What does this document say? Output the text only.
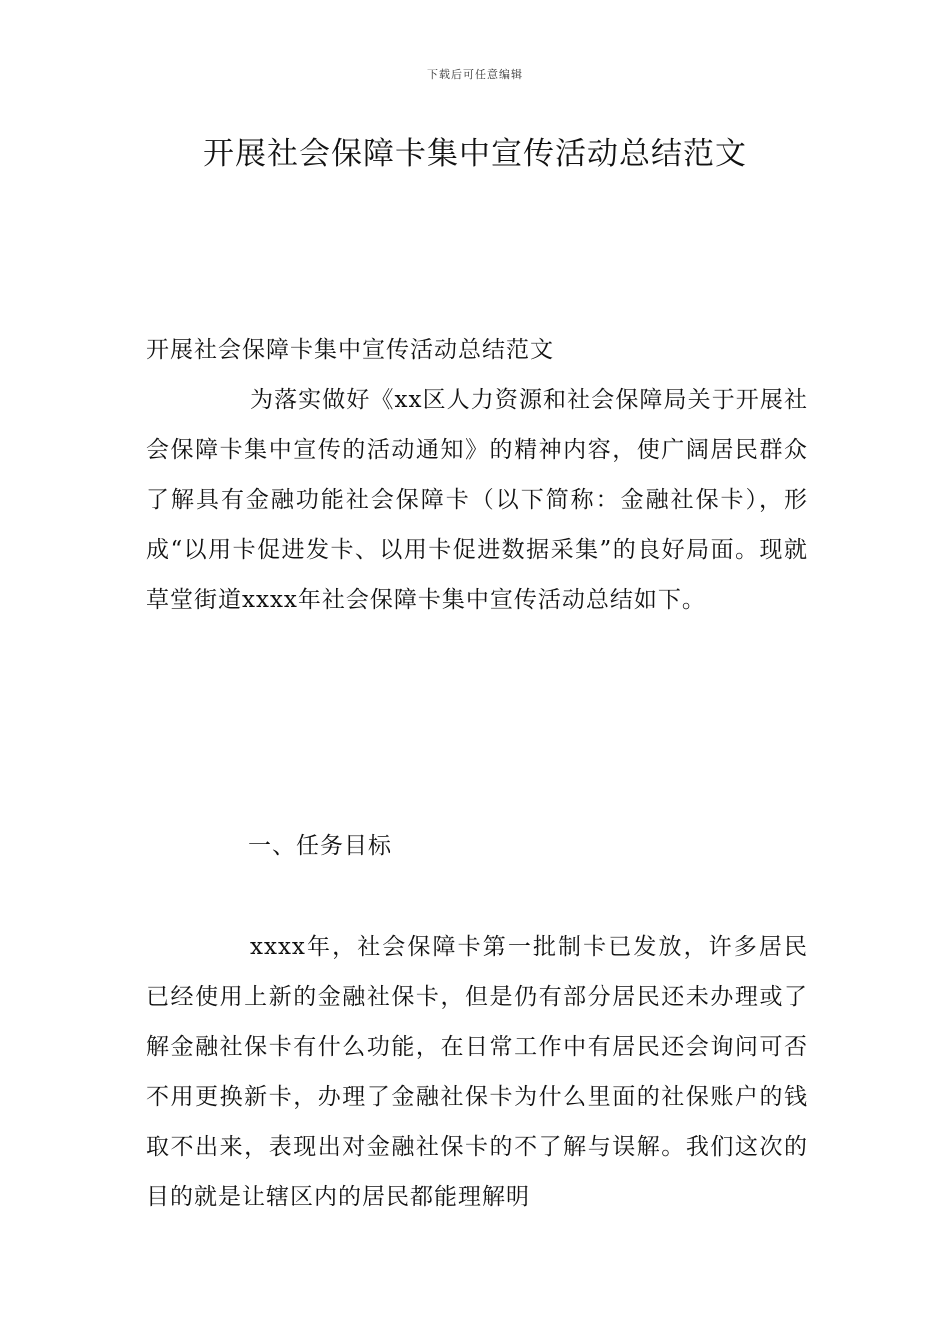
下载后可任意编辑
开展社会保障卡集中宣传活动总结范文
开展社会保障卡集中宣传活动总结范文
为落实做好《xx区人力资源和社会保障局关于开展社会保障卡集中宣传的活动通知》的精神内容，使广阔居民群众了解具有金融功能社会保障卡（以下简称：金融社保卡），形成“以用卡促进发卡、以用卡促进数据采集”的良好局面。现就草堂街道xxxx年社会保障卡集中宣传活动总结如下。
一、任务目标
xxxx年，社会保障卡第一批制卡已发放，许多居民已经使用上新的金融社保卡，但是仍有部分居民还未办理或了解金融社保卡有什么功能，在日常工作中有居民还会询问可否不用更换新卡，办理了金融社保卡为什么里面的社保账户的钱取不出来，表现出对金融社保卡的不了解与误解。我们这次的目的就是让辖区内的居民都能理解明
